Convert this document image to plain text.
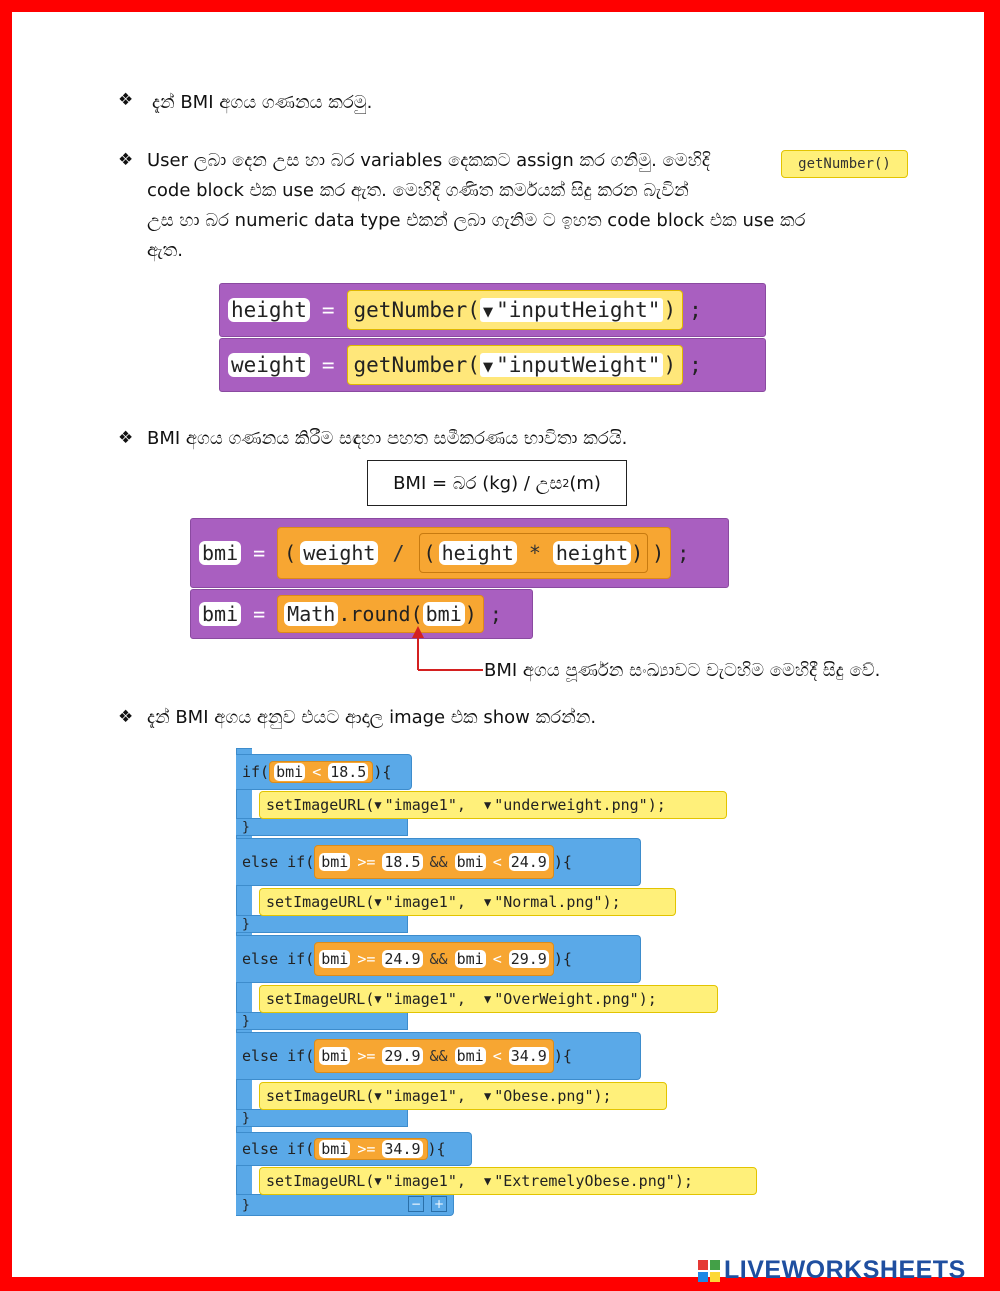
❖ දැන් BMI අගය ගණනය කරමු.
❖ User ලබා දෙන උස හා බර variables දෙකකට assign කර ගනිමු. මෙහිදි	getNumber()
code block එක use කර ඇත. මෙහිදි ගණිත කර්මයක් සිදු කරන බැවින්
උස හා බර numeric data type එකන් ලබා ගැනිම ට ඉහත code block එක use කර
ඇත.
height = getNumber( ▼ "inputHeight" ) ;
weight = getNumber( ▼ "inputWeight" ) ;
❖ BMI අගය ගණනය කිරීම සඳහා පහත සමීකරණය භාවිතා කරයි.
BMI = බර (kg) / උස 2 (m)
bmi = ( weight / ( height * height ) ) ;
bmi = Math .round( bmi ) ;
BMI අගය පූර්ණන සංඛ්‍යාවට වැටහිම මෙහිදී සිදු වේ.
❖ දැන් BMI අගය අනුව එයට ආදාල image එක show කරන්න.
if( bmi < 18.5 ){
setImageURL( ▼ "image1",
▼ "underweight.png" );
}
else if( bmi >= 18.5 && bmi < 24.9 ){
setImageURL( ▼ "image1",
▼ "Normal.png" );
}
else if( bmi >= 24.9 && bmi < 29.9 ){
setImageURL( ▼ "image1",
▼ "OverWeight.png" );
}
else if( bmi >= 29.9 && bmi < 34.9 ){
setImageURL( ▼ "image1",
▼ "Obese.png" );
}
else if( bmi >= 34.9 ){
setImageURL( ▼ "image1",
▼ "ExtremelyObese.png" );
}	− +
LIVEWORKSHEETS
